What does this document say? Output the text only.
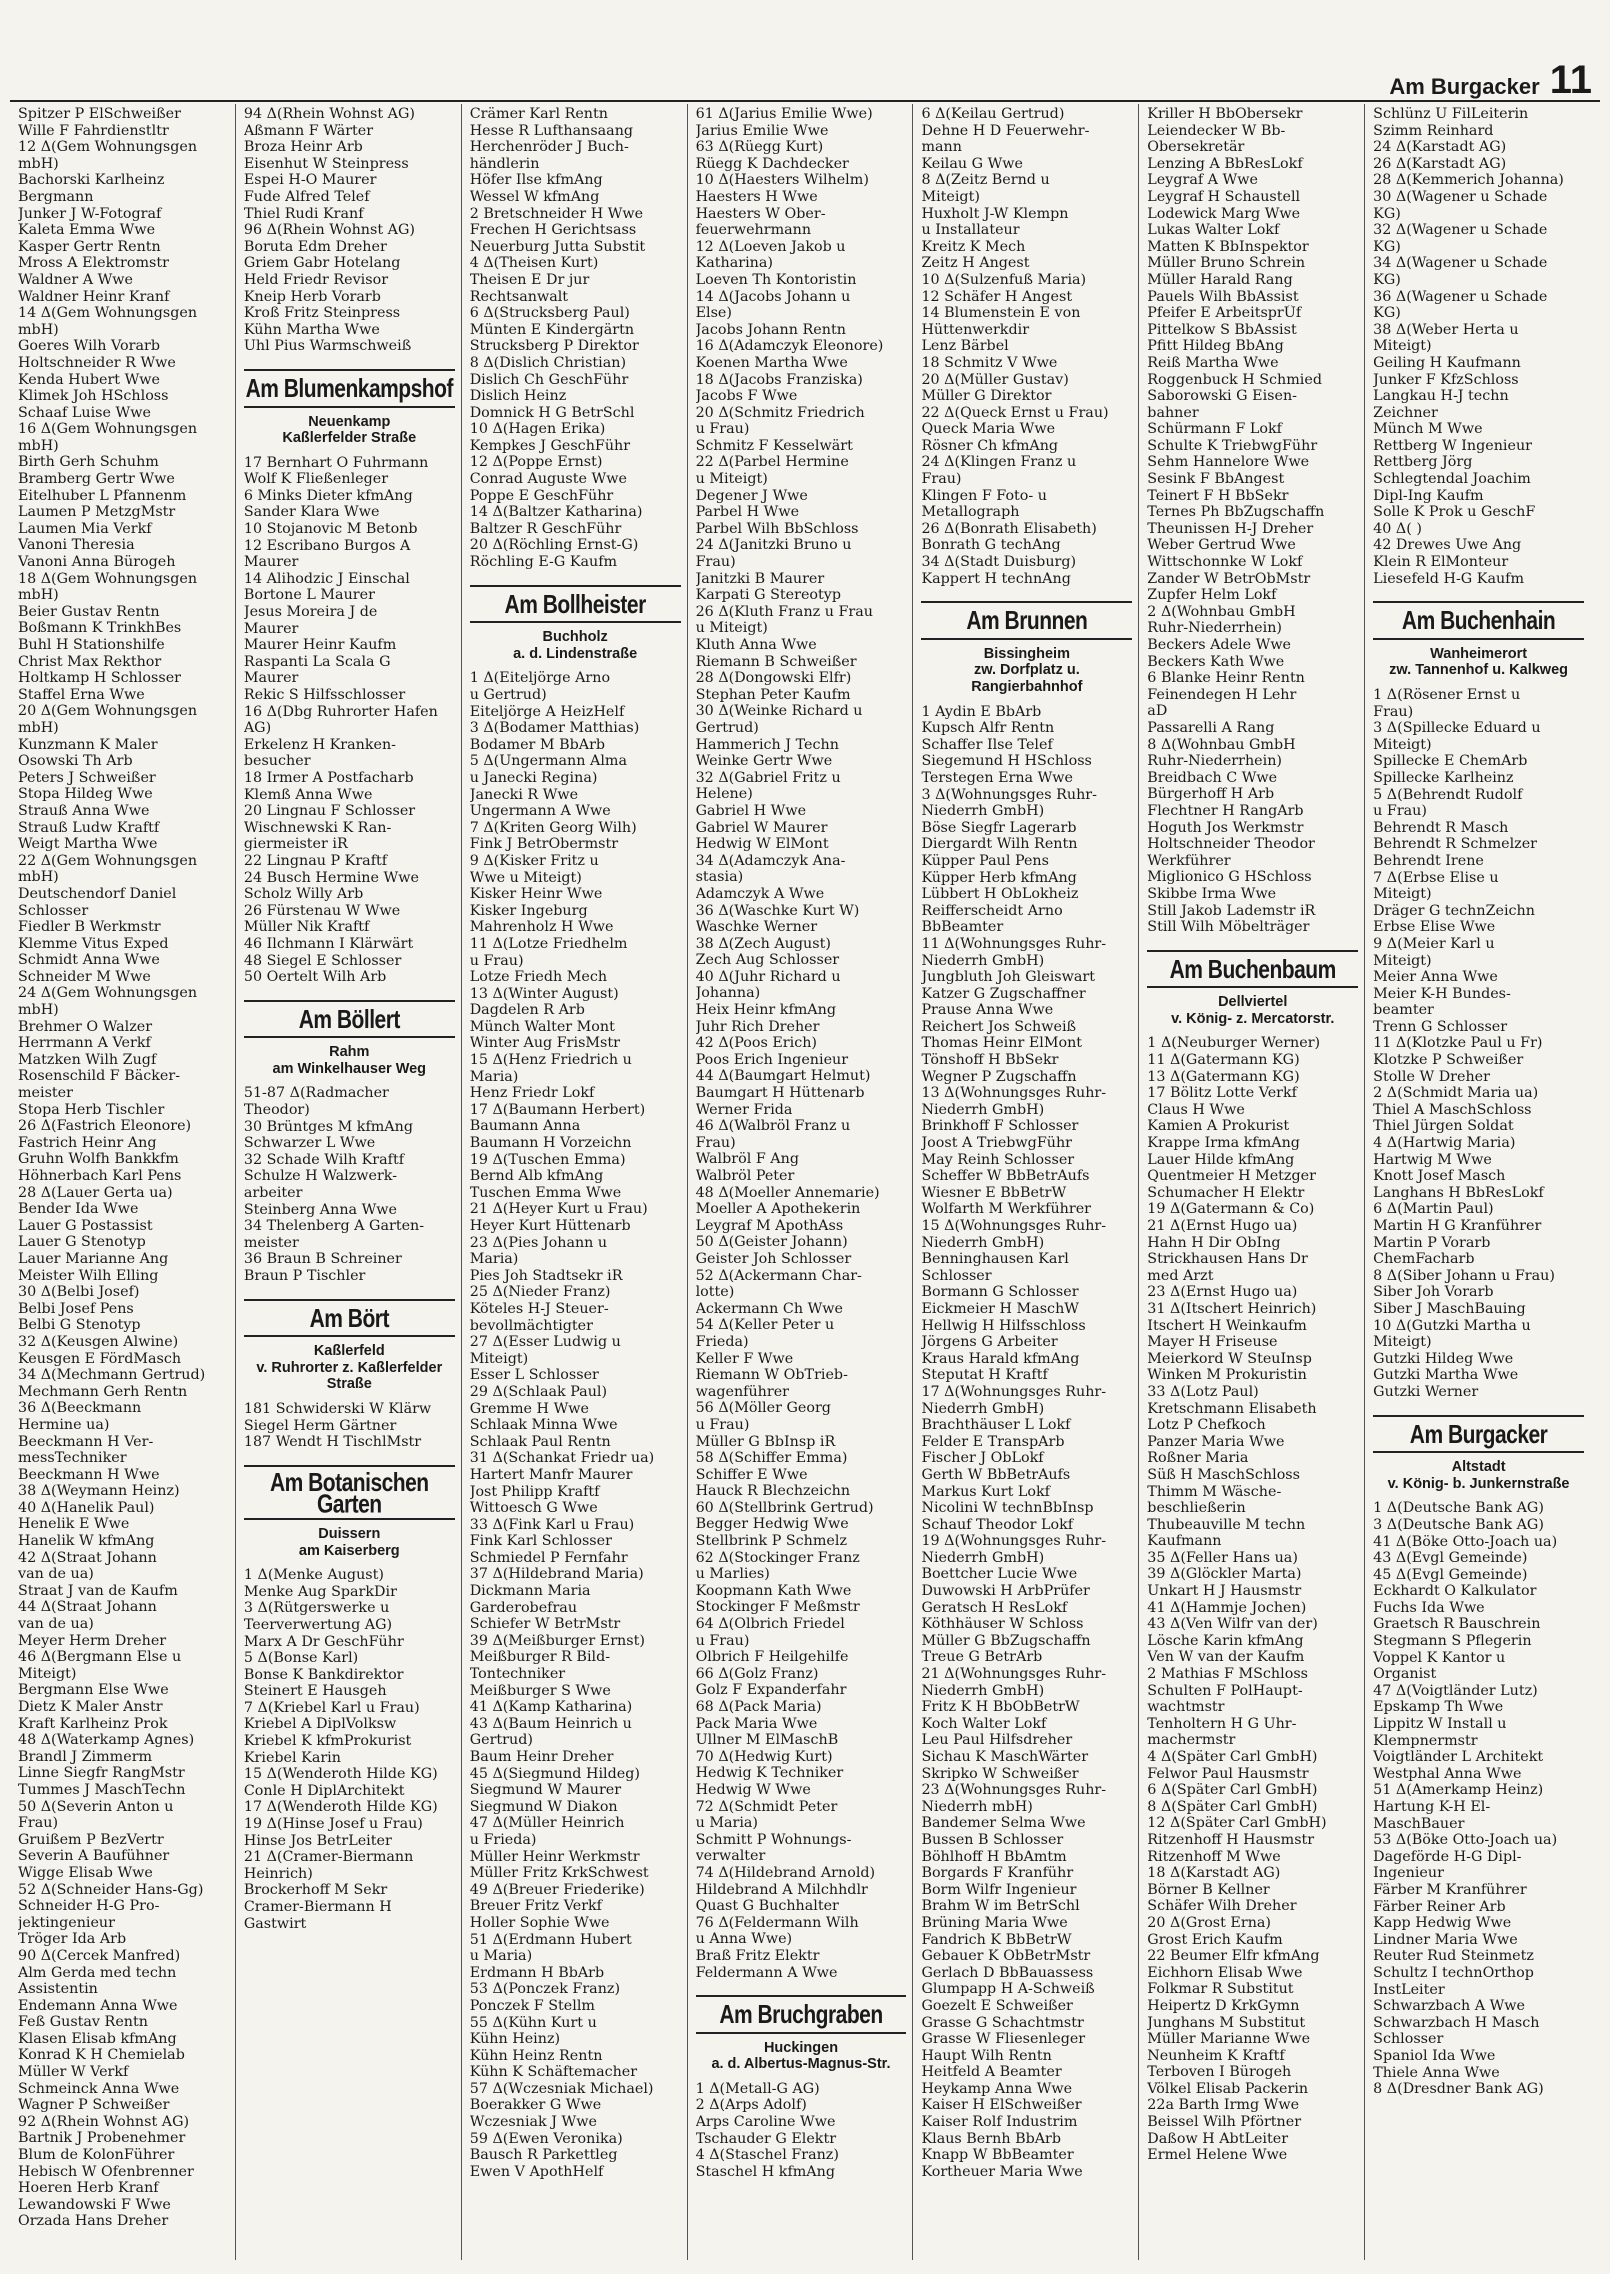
Am Burgacker 11
Spitzer P ElSchweißer
Wille F Fahrdienstltr
12 Δ(Gem Wohnungsgen
mbH)
Bachorski Karlheinz
Bergmann
Junker J W-Fotograf
Kaleta Emma Wwe
Kasper Gertr Rentn
Mross A Elektromstr
Waldner A Wwe
Waldner Heinr Kranf
14 Δ(Gem Wohnungsgen
mbH)
Goeres Wilh Vorarb
Holtschneider R Wwe
Kenda Hubert Wwe
Klimek Joh HSchloss
Schaaf Luise Wwe
16 Δ(Gem Wohnungsgen
mbH)
Birth Gerh Schuhm
Bramberg Gertr Wwe
Eitelhuber L Pfannenm
Laumen P MetzgMstr
Laumen Mia Verkf
Vanoni Theresia
Vanoni Anna Bürogeh
18 Δ(Gem Wohnungsgen
mbH)
Beier Gustav Rentn
Boßmann K TrinkhBes
Buhl H Stationshilfe
Christ Max Rekthor
Holtkamp H Schlosser
Staffel Erna Wwe
20 Δ(Gem Wohnungsgen
mbH)
Kunzmann K Maler
Osowski Th Arb
Peters J Schweißer
Stopa Hildeg Wwe
Strauß Anna Wwe
Strauß Ludw Kraftf
Weigt Martha Wwe
22 Δ(Gem Wohnungsgen
mbH)
Deutschendorf Daniel
Schlosser
Fiedler B Werkmstr
Klemme Vitus Exped
Schmidt Anna Wwe
Schneider M Wwe
24 Δ(Gem Wohnungsgen
mbH)
Brehmer O Walzer
Herrmann A Verkf
Matzken Wilh Zugf
Rosenschild F Bäcker-
meister
Stopa Herb Tischler
26 Δ(Fastrich Eleonore)
Fastrich Heinr Ang
Gruhn Wolfh Bankkfm
Höhnerbach Karl Pens
28 Δ(Lauer Gerta ua)
Bender Ida Wwe
Lauer G Postassist
Lauer G Stenotyp
Lauer Marianne Ang
Meister Wilh Elling
30 Δ(Belbi Josef)
Belbi Josef Pens
Belbi G Stenotyp
32 Δ(Keusgen Alwine)
Keusgen E FördMasch
34 Δ(Mechmann Gertrud)
Mechmann Gerh Rentn
36 Δ(Beeckmann
Hermine ua)
Beeckmann H Ver-
messTechniker
Beeckmann H Wwe
38 Δ(Weymann Heinz)
40 Δ(Hanelik Paul)
Henelik E Wwe
Hanelik W kfmAng
42 Δ(Straat Johann
van de ua)
Straat J van de Kaufm
44 Δ(Straat Johann
van de ua)
Meyer Herm Dreher
46 Δ(Bergmann Else u
Miteigt)
Bergmann Else Wwe
Dietz K Maler Anstr
Kraft Karlheinz Prok
48 Δ(Waterkamp Agnes)
Brandl J Zimmerm
Linne Siegfr RangMstr
Tummes J MaschTechn
50 Δ(Severin Anton u
Frau)
Gruißem P BezVertr
Severin A Baufühner
Wigge Elisab Wwe
52 Δ(Schneider Hans-Gg)
Schneider H-G Pro-
jektingenieur
Tröger Ida Arb
90 Δ(Cercek Manfred)
Alm Gerda med techn
Assistentin
Endemann Anna Wwe
Feß Gustav Rentn
Klasen Elisab kfmAng
Konrad K H Chemielab
Müller W Verkf
Schmeinck Anna Wwe
Wagner P Schweißer
92 Δ(Rhein Wohnst AG)
Bartnik J Probenehmer
Blum de KolonFührer
Hebisch W Ofenbrenner
Hoeren Herb Kranf
Lewandowski F Wwe
Orzada Hans Dreher
94 Δ(Rhein Wohnst AG)
Aßmann F Wärter
Broza Heinr Arb
Eisenhut W Steinpress
Espei H-O Maurer
Fude Alfred Telef
Thiel Rudi Kranf
96 Δ(Rhein Wohnst AG)
Boruta Edm Dreher
Griem Gabr Hotelang
Held Friedr Revisor
Kneip Herb Vorarb
Kroß Fritz Steinpress
Kühn Martha Wwe
Uhl Pius Warmschweiß
Am Blumenkampshof
Neuenkamp
Kaßlerfelder Straße
17 Bernhart O Fuhrmann
Wolf K Fließenleger
6 Minks Dieter kfmAng
Sander Klara Wwe
10 Stojanovic M Betonb
12 Escribano Burgos A
Maurer
14 Alihodzic J Einschal
Bortone L Maurer
Jesus Moreira J de
Maurer
Maurer Heinr Kaufm
Raspanti La Scala G
Maurer
Rekic S Hilfsschlosser
16 Δ(Dbg Ruhrorter Hafen
AG)
Erkelenz H Kranken-
besucher
18 Irmer A Postfacharb
Klemß Anna Wwe
20 Lingnau F Schlosser
Wischnewski K Ran-
giermeister iR
22 Lingnau P Kraftf
24 Busch Hermine Wwe
Scholz Willy Arb
26 Fürstenau W Wwe
Müller Nik Kraftf
46 Ilchmann I Klärwärt
48 Siegel E Schlosser
50 Oertelt Wilh Arb
Am Böllert
Rahm
am Winkelhauser Weg
51-87 Δ(Radmacher
Theodor)
30 Brüntges M kfmAng
Schwarzer L Wwe
32 Schade Wilh Kraftf
Schulze H Walzwerk-
arbeiter
Steinberg Anna Wwe
34 Thelenberg A Garten-
meister
36 Braun B Schreiner
Braun P Tischler
Am Bört
Kaßlerfeld
v. Ruhrorter z. Kaßlerfelder Straße
181 Schwiderski W Klärw
Siegel Herm Gärtner
187 Wendt H TischlMstr
Am Botanischen Garten
Duissern
am Kaiserberg
1 Δ(Menke August)
Menke Aug SparkDir
3 Δ(Rütgerswerke u
Teerverwertung AG)
Marx A Dr GeschFühr
5 Δ(Bonse Karl)
Bonse K Bankdirektor
Steinert E Hausgeh
7 Δ(Kriebel Karl u Frau)
Kriebel A DiplVolksw
Kriebel K kfmProkurist
Kriebel Karin
15 Δ(Wenderoth Hilde KG)
Conle H DiplArchitekt
17 Δ(Wenderoth Hilde KG)
19 Δ(Hinse Josef u Frau)
Hinse Jos BetrLeiter
21 Δ(Cramer-Biermann
Heinrich)
Brockerhoff M Sekr
Cramer-Biermann H
Gastwirt
Crämer Karl Rentn
Hesse R Lufthansaang
Herchenröder J Buch-
händlerin
Höfer Ilse kfmAng
Wessel W kfmAng
2 Bretschneider H Wwe
Frechen H Gerichtsass
Neuerburg Jutta Substit
4 Δ(Theisen Kurt)
Theisen E Dr jur
Rechtsanwalt
6 Δ(Strucksberg Paul)
Münten E Kindergärtn
Strucksberg P Direktor
8 Δ(Dislich Christian)
Dislich Ch GeschFühr
Dislich Heinz
Domnick H G BetrSchl
10 Δ(Hagen Erika)
Kempkes J GeschFühr
12 Δ(Poppe Ernst)
Conrad Auguste Wwe
Poppe E GeschFühr
14 Δ(Baltzer Katharina)
Baltzer R GeschFühr
20 Δ(Röchling Ernst-G)
Röchling E-G Kaufm
Am Bollheister
Buchholz
a. d. Lindenstraße
1 Δ(Eiteljörge Arno
u Gertrud)
Eiteljörge A HeizHelf
3 Δ(Bodamer Matthias)
Bodamer M BbArb
5 Δ(Ungermann Alma
u Janecki Regina)
Janecki R Wwe
Ungermann A Wwe
7 Δ(Kriten Georg Wilh)
Fink J BetrObermstr
9 Δ(Kisker Fritz u
Wwe u Miteigt)
Kisker Heinr Wwe
Kisker Ingeburg
Mahrenholz H Wwe
11 Δ(Lotze Friedhelm
u Frau)
Lotze Friedh Mech
13 Δ(Winter August)
Dagdelen R Arb
Münch Walter Mont
Winter Aug FrisMstr
15 Δ(Henz Friedrich u
Maria)
Henz Friedr Lokf
17 Δ(Baumann Herbert)
Baumann Anna
Baumann H Vorzeichn
19 Δ(Tuschen Emma)
Bernd Alb kfmAng
Tuschen Emma Wwe
21 Δ(Heyer Kurt u Frau)
Heyer Kurt Hüttenarb
23 Δ(Pies Johann u
Maria)
Pies Joh Stadtsekr iR
25 Δ(Nieder Franz)
Köteles H-J Steuer-
bevollmächtigter
27 Δ(Esser Ludwig u
Miteigt)
Esser L Schlosser
29 Δ(Schlaak Paul)
Gremme H Wwe
Schlaak Minna Wwe
Schlaak Paul Rentn
31 Δ(Schankat Friedr ua)
Hartert Manfr Maurer
Jost Philipp Kraftf
Wittoesch G Wwe
33 Δ(Fink Karl u Frau)
Fink Karl Schlosser
Schmiedel P Fernfahr
37 Δ(Hildebrand Maria)
Dickmann Maria
Garderobefrau
Schiefer W BetrMstr
39 Δ(Meißburger Ernst)
Meißburger R Bild-
Tontechniker
Meißburger S Wwe
41 Δ(Kamp Katharina)
43 Δ(Baum Heinrich u
Gertrud)
Baum Heinr Dreher
45 Δ(Siegmund Hildeg)
Siegmund W Maurer
Siegmund W Diakon
47 Δ(Müller Heinrich
u Frieda)
Müller Heinr Werkmstr
Müller Fritz KrkSchwest
49 Δ(Breuer Friederike)
Breuer Fritz Verkf
Holler Sophie Wwe
51 Δ(Erdmann Hubert
u Maria)
Erdmann H BbArb
53 Δ(Ponczek Franz)
Ponczek F Stellm
55 Δ(Kühn Kurt u
Kühn Heinz)
Kühn Heinz Rentn
Kühn K Schäftemacher
57 Δ(Wczesniak Michael)
Boerakker G Wwe
Wczesniak J Wwe
59 Δ(Ewen Veronika)
Bausch R Parkettleg
Ewen V ApothHelf
61 Δ(Jarius Emilie Wwe)
Jarius Emilie Wwe
63 Δ(Rüegg Kurt)
Rüegg K Dachdecker
10 Δ(Haesters Wilhelm)
Haesters H Wwe
Haesters W Ober-
feuerwehrmann
12 Δ(Loeven Jakob u
Katharina)
Loeven Th Kontoristin
14 Δ(Jacobs Johann u
Else)
Jacobs Johann Rentn
16 Δ(Adamczyk Eleonore)
Koenen Martha Wwe
18 Δ(Jacobs Franziska)
Jacobs F Wwe
20 Δ(Schmitz Friedrich
u Frau)
Schmitz F Kesselwärt
22 Δ(Parbel Hermine
u Miteigt)
Degener J Wwe
Parbel H Wwe
Parbel Wilh BbSchloss
24 Δ(Janitzki Bruno u
Frau)
Janitzki B Maurer
Karpati G Stereotyp
26 Δ(Kluth Franz u Frau
u Miteigt)
Kluth Anna Wwe
Riemann B Schweißer
28 Δ(Dongowski Elfr)
Stephan Peter Kaufm
30 Δ(Weinke Richard u
Gertrud)
Hammerich J Techn
Weinke Gertr Wwe
32 Δ(Gabriel Fritz u
Helene)
Gabriel H Wwe
Gabriel W Maurer
Hedwig W ElMont
34 Δ(Adamczyk Ana-
stasia)
Adamczyk A Wwe
36 Δ(Waschke Kurt W)
Waschke Werner
38 Δ(Zech August)
Zech Aug Schlosser
40 Δ(Juhr Richard u
Johanna)
Heix Heinr kfmAng
Juhr Rich Dreher
42 Δ(Poos Erich)
Poos Erich Ingenieur
44 Δ(Baumgart Helmut)
Baumgart H Hüttenarb
Werner Frida
46 Δ(Walbröl Franz u
Frau)
Walbröl F Ang
Walbröl Peter
48 Δ(Moeller Annemarie)
Moeller A Apothekerin
Leygraf M ApothAss
50 Δ(Geister Johann)
Geister Joh Schlosser
52 Δ(Ackermann Char-
lotte)
Ackermann Ch Wwe
54 Δ(Keller Peter u
Frieda)
Keller F Wwe
Riemann W ObTrieb-
wagenführer
56 Δ(Möller Georg
u Frau)
Müller G BbInsp iR
58 Δ(Schiffer Emma)
Schiffer E Wwe
Hauck R Blechzeichn
60 Δ(Stellbrink Gertrud)
Begger Hedwig Wwe
Stellbrink P Schmelz
62 Δ(Stockinger Franz
u Marlies)
Koopmann Kath Wwe
Stockinger F Meßmstr
64 Δ(Olbrich Friedel
u Frau)
Olbrich F Heilgehilfe
66 Δ(Golz Franz)
Golz F Expanderfahr
68 Δ(Pack Maria)
Pack Maria Wwe
Ullner M ElMaschB
70 Δ(Hedwig Kurt)
Hedwig K Techniker
Hedwig W Wwe
72 Δ(Schmidt Peter
u Maria)
Schmitt P Wohnungs-
verwalter
74 Δ(Hildebrand Arnold)
Hildebrand A Milchhdlr
Quast G Buchhalter
76 Δ(Feldermann Wilh
u Anna Wwe)
Braß Fritz Elektr
Feldermann A Wwe
Am Bruchgraben
Huckingen
a. d. Albertus-Magnus-Str.
1 Δ(Metall-G AG)
2 Δ(Arps Adolf)
Arps Caroline Wwe
Tschauder G Elektr
4 Δ(Staschel Franz)
Staschel H kfmAng
6 Δ(Keilau Gertrud)
Dehne H D Feuerwehr-
mann
Keilau G Wwe
8 Δ(Zeitz Bernd u
Miteigt)
Huxholt J-W Klempn
u Installateur
Kreitz K Mech
Zeitz H Angest
10 Δ(Sulzenfuß Maria)
12 Schäfer H Angest
14 Blumenstein E von
Hüttenwerkdir
Lenz Bärbel
18 Schmitz V Wwe
20 Δ(Müller Gustav)
Müller G Direktor
22 Δ(Queck Ernst u Frau)
Queck Maria Wwe
Rösner Ch kfmAng
24 Δ(Klingen Franz u
Frau)
Klingen F Foto- u
Metallograph
26 Δ(Bonrath Elisabeth)
Bonrath G techAng
34 Δ(Stadt Duisburg)
Kappert H technAng
Am Brunnen
Bissingheim
zw. Dorfplatz u. Rangierbahnhof
1 Aydin E BbArb
Kupsch Alfr Rentn
Schaffer Ilse Telef
Siegemund H HSchloss
Terstegen Erna Wwe
3 Δ(Wohnungsges Ruhr-
Niederrh GmbH)
Böse Siegfr Lagerarb
Diergardt Wilh Rentn
Küpper Paul Pens
Küpper Herb kfmAng
Lübbert H ObLokheiz
Reifferscheidt Arno
BbBeamter
11 Δ(Wohnungsges Ruhr-
Niederrh GmbH)
Jungbluth Joh Gleiswart
Katzer G Zugschaffner
Prause Anna Wwe
Reichert Jos Schweiß
Thomas Heinr ElMont
Tönshoff H BbSekr
Wegner P Zugschaffn
13 Δ(Wohnungsges Ruhr-
Niederrh GmbH)
Brinkhoff F Schlosser
Joost A TriebwgFühr
May Reinh Schlosser
Scheffer W BbBetrAufs
Wiesner E BbBetrW
Wolfarth M Werkführer
15 Δ(Wohnungsges Ruhr-
Niederrh GmbH)
Benninghausen Karl
Schlosser
Bormann G Schlosser
Eickmeier H MaschW
Hellwig H Hilfsschloss
Jörgens G Arbeiter
Kraus Harald kfmAng
Steputat H Kraftf
17 Δ(Wohnungsges Ruhr-
Niederrh GmbH)
Brachthäuser L Lokf
Felder E TranspArb
Fischer J ObLokf
Gerth W BbBetrAufs
Markus Kurt Lokf
Nicolini W technBbInsp
Schauf Theodor Lokf
19 Δ(Wohnungsges Ruhr-
Niederrh GmbH)
Boettcher Lucie Wwe
Duwowski H ArbPrüfer
Geratsch H ResLokf
Köthhäuser W Schloss
Müller G BbZugschaffn
Treue G BetrArb
21 Δ(Wohnungsges Ruhr-
Niederrh GmbH)
Fritz K H BbObBetrW
Koch Walter Lokf
Leu Paul Hilfsdreher
Sichau K MaschWärter
Skripko W Schweißer
23 Δ(Wohnungsges Ruhr-
Niederrh mbH)
Bandemer Selma Wwe
Bussen B Schlosser
Böhlhoff H BbAmtm
Borgards F Kranführ
Borm Wilfr Ingenieur
Brahm W im BetrSchl
Brüning Maria Wwe
Fandrich K BbBetrW
Gebauer K ObBetrMstr
Gerlach D BbBauassess
Glumpapp H A-Schweiß
Goezelt E Schweißer
Grasse G Schachtmstr
Grasse W Fliesenleger
Haupt Wilh Rentn
Heitfeld A Beamter
Heykamp Anna Wwe
Kaiser H ElSchweißer
Kaiser Rolf Industrim
Klaus Bernh BbArb
Knapp W BbBeamter
Kortheuer Maria Wwe
Kriller H BbObersekr
Leiendecker W Bb-
Obersekretär
Lenzing A BbResLokf
Leygraf A Wwe
Leygraf H Schaustell
Lodewick Marg Wwe
Lukas Walter Lokf
Matten K BbInspektor
Müller Bruno Schrein
Müller Harald Rang
Pauels Wilh BbAssist
Pfeifer E ArbeitsprÜf
Pittelkow S BbAssist
Pfitt Hildeg BbAng
Reiß Martha Wwe
Roggenbuck H Schmied
Saborowski G Eisen-
bahner
Schürmann F Lokf
Schulte K TriebwgFühr
Sehm Hannelore Wwe
Sesink F BbAngest
Teinert F H BbSekr
Ternes Ph BbZugschaffn
Theunissen H-J Dreher
Weber Gertrud Wwe
Wittschonnke W Lokf
Zander W BetrObMstr
Zupfer Helm Lokf
2 Δ(Wohnbau GmbH
Ruhr-Niederrhein)
Beckers Adele Wwe
Beckers Kath Wwe
6 Blanke Heinr Rentn
Feinendegen H Lehr
aD
Passarelli A Rang
8 Δ(Wohnbau GmbH
Ruhr-Niederrhein)
Breidbach C Wwe
Bürgerhoff H Arb
Flechtner H RangArb
Hoguth Jos Werkmstr
Holtschneider Theodor
Werkführer
Miglionico G HSchloss
Skibbe Irma Wwe
Still Jakob Lademstr iR
Still Wilh Möbelträger
Am Buchenbaum
Dellviertel
v. König- z. Mercatorstr.
1 Δ(Neuburger Werner)
11 Δ(Gatermann KG)
13 Δ(Gatermann KG)
17 Bölitz Lotte Verkf
Claus H Wwe
Kamien A Prokurist
Krappe Irma kfmAng
Lauer Hilde kfmAng
Quentmeier H Metzger
Schumacher H Elektr
19 Δ(Gatermann & Co)
21 Δ(Ernst Hugo ua)
Hahn H Dir ObIng
Strickhausen Hans Dr
med Arzt
23 Δ(Ernst Hugo ua)
31 Δ(Itschert Heinrich)
Itschert H Weinkaufm
Mayer H Friseuse
Meierkord W SteuInsp
Winken M Prokuristin
33 Δ(Lotz Paul)
Kretschmann Elisabeth
Lotz P Chefkoch
Panzer Maria Wwe
Roßner Maria
Süß H MaschSchloss
Thimm M Wäsche-
beschließerin
Thubeauville M techn
Kaufmann
35 Δ(Feller Hans ua)
39 Δ(Glöckler Marta)
Unkart H J Hausmstr
41 Δ(Hammje Jochen)
43 Δ(Ven Wilfr van der)
Lösche Karin kfmAng
Ven W van der Kaufm
2 Mathias F MSchloss
Schulten F PolHaupt-
wachtmstr
Tenholtern H G Uhr-
machermstr
4 Δ(Später Carl GmbH)
Felwor Paul Hausmstr
6 Δ(Später Carl GmbH)
8 Δ(Später Carl GmbH)
12 Δ(Später Carl GmbH)
Ritzenhoff H Hausmstr
Ritzenhoff M Wwe
18 Δ(Karstadt AG)
Börner B Kellner
Schäfer Wilh Dreher
20 Δ(Grost Erna)
Grost Erich Kaufm
22 Beumer Elfr kfmAng
Eichhorn Elisab Wwe
Folkmar R Substitut
Heipertz D KrkGymn
Junghans M Substitut
Müller Marianne Wwe
Neunheim K Kraftf
Terboven I Bürogeh
Völkel Elisab Packerin
22a Barth Irmg Wwe
Beissel Wilh Pförtner
Daßow H AbtLeiter
Ermel Helene Wwe
Schlünz U FilLeiterin
Szimm Reinhard
24 Δ(Karstadt AG)
26 Δ(Karstadt AG)
28 Δ(Kemmerich Johanna)
30 Δ(Wagener u Schade
KG)
32 Δ(Wagener u Schade
KG)
34 Δ(Wagener u Schade
KG)
36 Δ(Wagener u Schade
KG)
38 Δ(Weber Herta u
Miteigt)
Geiling H Kaufmann
Junker F KfzSchloss
Langkau H-J techn
Zeichner
Münch M Wwe
Rettberg W Ingenieur
Rettberg Jörg
Schlegtendal Joachim
Dipl-Ing Kaufm
Solle K Prok u GeschF
40 Δ( )
42 Drewes Uwe Ang
Klein R ElMonteur
Liesefeld H-G Kaufm
Am Buchenhain
Wanheimerort
zw. Tannenhof u. Kalkweg
1 Δ(Rösener Ernst u
Frau)
3 Δ(Spillecke Eduard u
Miteigt)
Spillecke E ChemArb
Spillecke Karlheinz
5 Δ(Behrendt Rudolf
u Frau)
Behrendt R Masch
Behrendt R Schmelzer
Behrendt Irene
7 Δ(Erbse Elise u
Miteigt)
Dräger G technZeichn
Erbse Elise Wwe
9 Δ(Meier Karl u
Miteigt)
Meier Anna Wwe
Meier K-H Bundes-
beamter
Trenn G Schlosser
11 Δ(Klotzke Paul u Fr)
Klotzke P Schweißer
Stolle W Dreher
2 Δ(Schmidt Maria ua)
Thiel A MaschSchloss
Thiel Jürgen Soldat
4 Δ(Hartwig Maria)
Hartwig M Wwe
Knott Josef Masch
Langhans H BbResLokf
6 Δ(Martin Paul)
Martin H G Kranführer
Martin P Vorarb
ChemFacharb
8 Δ(Siber Johann u Frau)
Siber Joh Vorarb
Siber J MaschBauing
10 Δ(Gutzki Martha u
Miteigt)
Gutzki Hildeg Wwe
Gutzki Martha Wwe
Gutzki Werner
Am Burgacker
Altstadt
v. König- b. Junkernstraße
1 Δ(Deutsche Bank AG)
3 Δ(Deutsche Bank AG)
41 Δ(Böke Otto-Joach ua)
43 Δ(Evgl Gemeinde)
45 Δ(Evgl Gemeinde)
Eckhardt O Kalkulator
Fuchs Ida Wwe
Graetsch R Bauschrein
Stegmann S Pflegerin
Voppel K Kantor u
Organist
47 Δ(Voigtländer Lutz)
Epskamp Th Wwe
Lippitz W Install u
Klempnermstr
Voigtländer L Architekt
Westphal Anna Wwe
51 Δ(Amerkamp Heinz)
Hartung K-H El-
MaschBauer
53 Δ(Böke Otto-Joach ua)
Dageförde H-G Dipl-
Ingenieur
Färber M Kranführer
Färber Reiner Arb
Kapp Hedwig Wwe
Lindner Maria Wwe
Reuter Rud Steinmetz
Schultz I technOrthop
InstLeiter
Schwarzbach A Wwe
Schwarzbach H Masch
Schlosser
Spaniol Ida Wwe
Thiele Anna Wwe
8 Δ(Dresdner Bank AG)
